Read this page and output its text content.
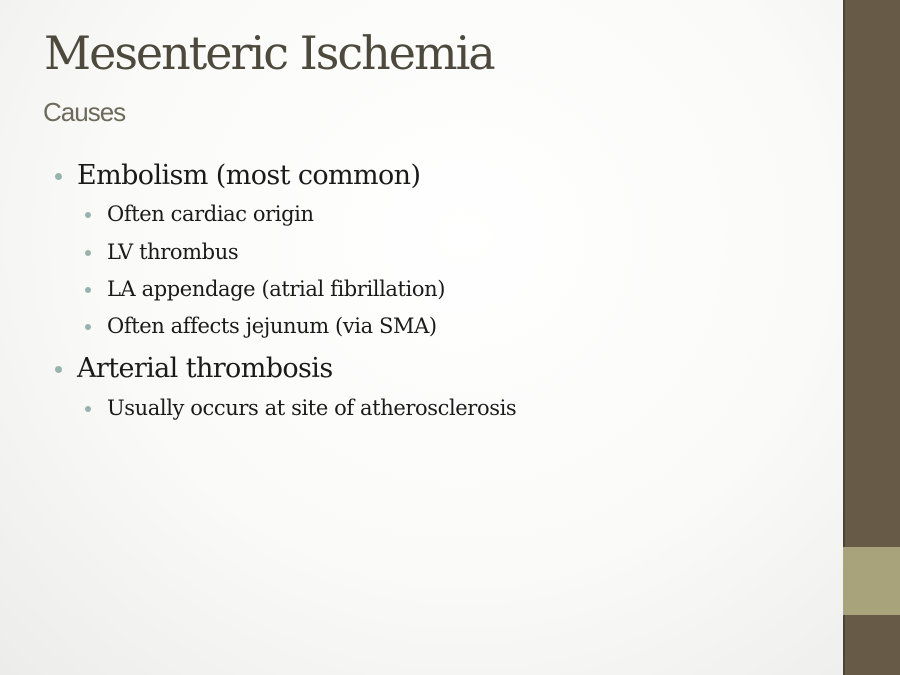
Mesenteric Ischemia
Causes
Embolism (most common)
Often cardiac origin
LV thrombus
LA appendage (atrial fibrillation)
Often affects jejunum (via SMA)
Arterial thrombosis
Usually occurs at site of atherosclerosis
